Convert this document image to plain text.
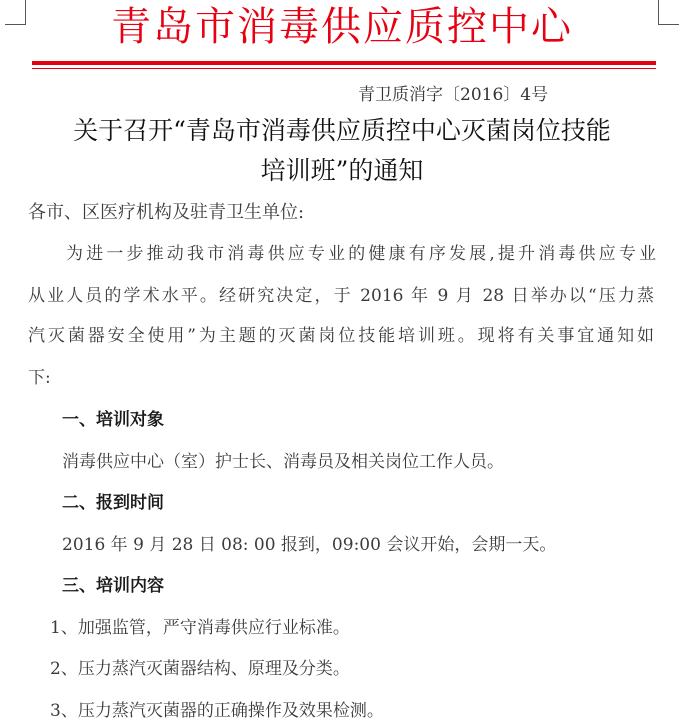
青岛市消毒供应质控中心
青卫质消字〔2016〕4号
关于召开“青岛市消毒供应质控中心灭菌岗位技能
培训班”的通知

各市、区医疗机构及驻青卫生单位:

为进一步推动我市消毒供应专业的健康有序发展,提升消毒供应专业

从业人员的学术水平。经研究决定，于 2016 年 9 月 28 日举办以“压力蒸

汽灭菌器安全使用”为主题的灭菌岗位技能培训班。现将有关事宜通知如

下:

一、培训对象

消毒供应中心（室）护士长、消毒员及相关岗位工作人员。

二、报到时间

2016 年 9 月 28 日 08: 00 报到，09:00 会议开始，会期一天。

三、培训内容

1、加强监管，严守消毒供应行业标准。

2、压力蒸汽灭菌器结构、原理及分类。

3、压力蒸汽灭菌器的正确操作及效果检测。
